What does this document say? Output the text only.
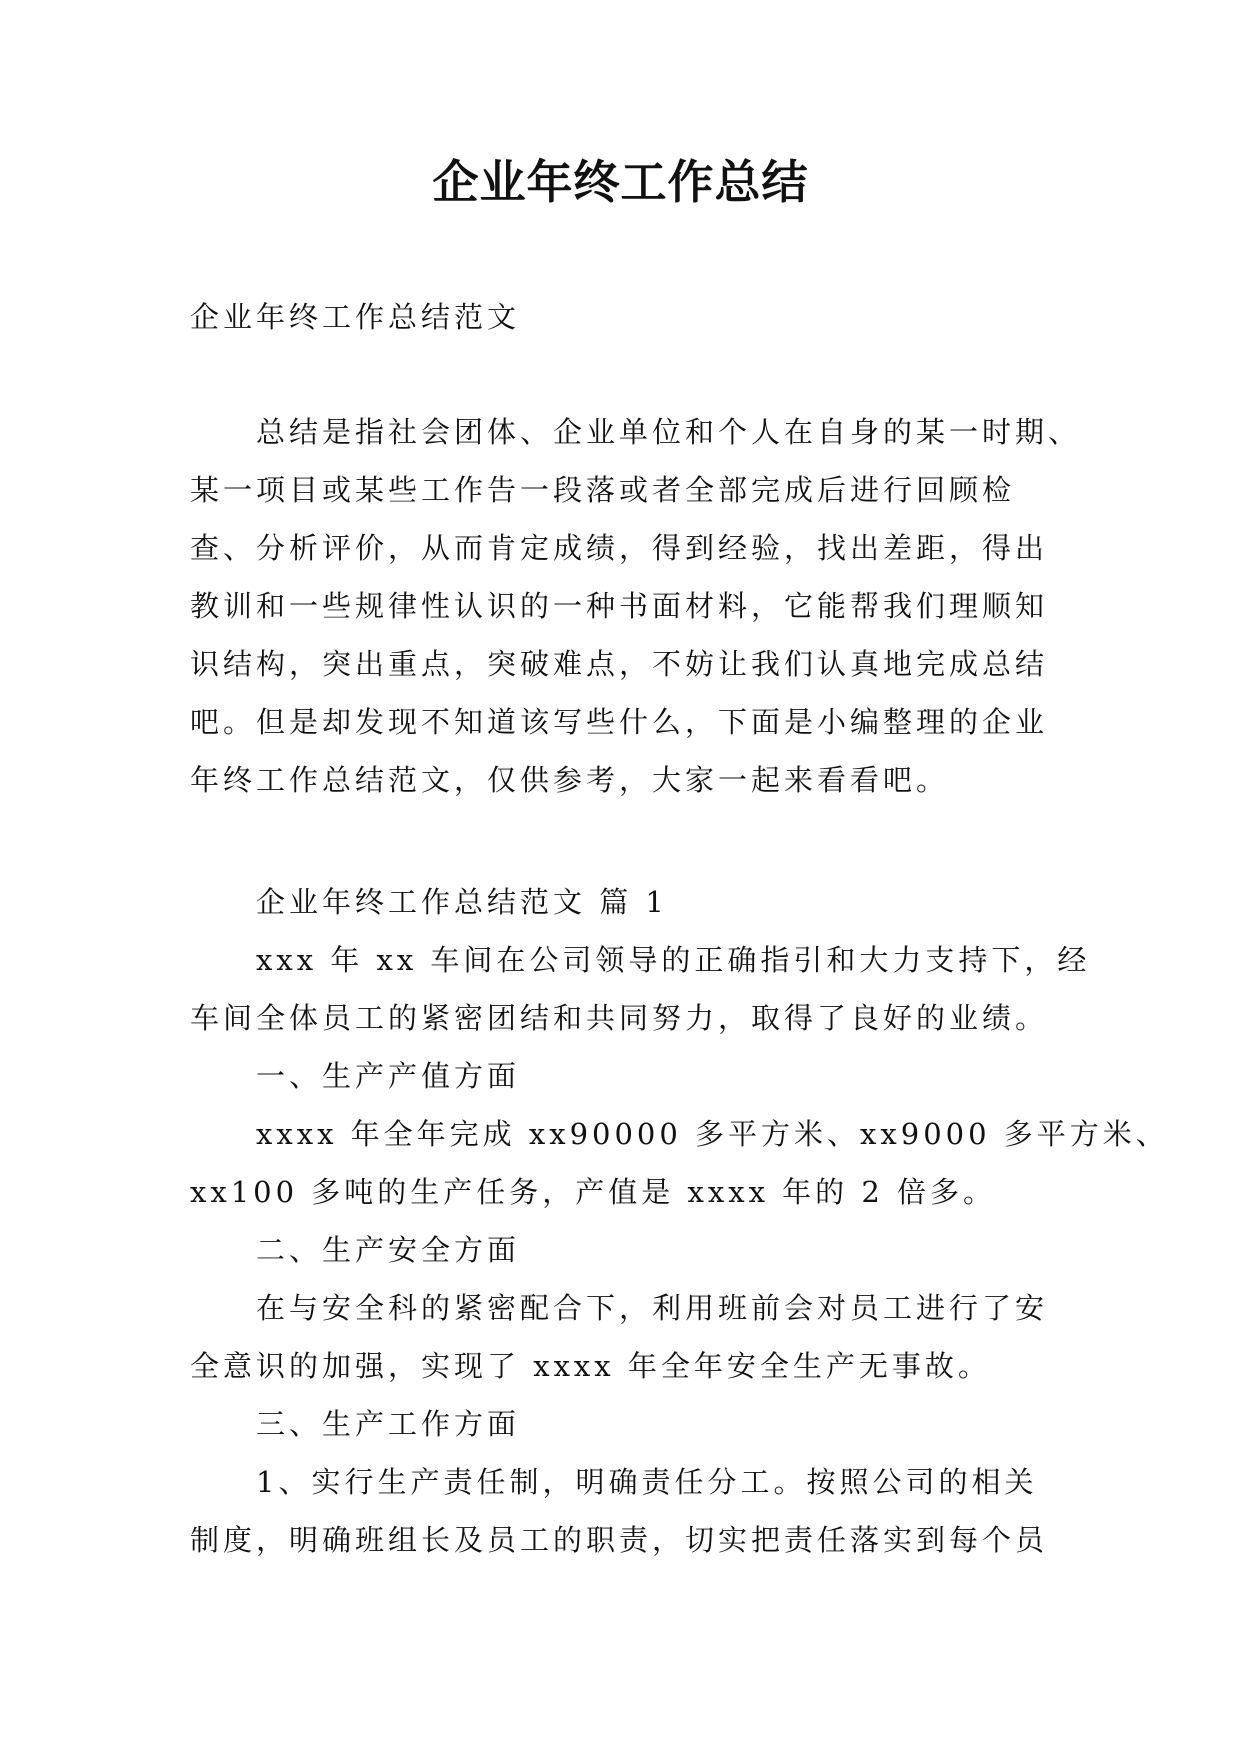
企业年终工作总结
企业年终工作总结范文
总结是指社会团体、企业单位和个人在自身的某一时期、
某一项目或某些工作告一段落或者全部完成后进行回顾检
查、分析评价，从而肯定成绩，得到经验，找出差距，得出
教训和一些规律性认识的一种书面材料，它能帮我们理顺知
识结构，突出重点，突破难点，不妨让我们认真地完成总结
吧。但是却发现不知道该写些什么，下面是小编整理的企业
年终工作总结范文，仅供参考，大家一起来看看吧。
企业年终工作总结范文 篇 1
xxx 年 xx 车间在公司领导的正确指引和大力支持下，经
车间全体员工的紧密团结和共同努力，取得了良好的业绩。
一、生产产值方面
xxxx 年全年完成 xx90000 多平方米、xx9000 多平方米、
xx100 多吨的生产任务，产值是 xxxx 年的 2 倍多。
二、生产安全方面
在与安全科的紧密配合下，利用班前会对员工进行了安
全意识的加强，实现了 xxxx 年全年安全生产无事故。
三、生产工作方面
1、实行生产责任制，明确责任分工。按照公司的相关
制度，明确班组长及员工的职责，切实把责任落实到每个员
